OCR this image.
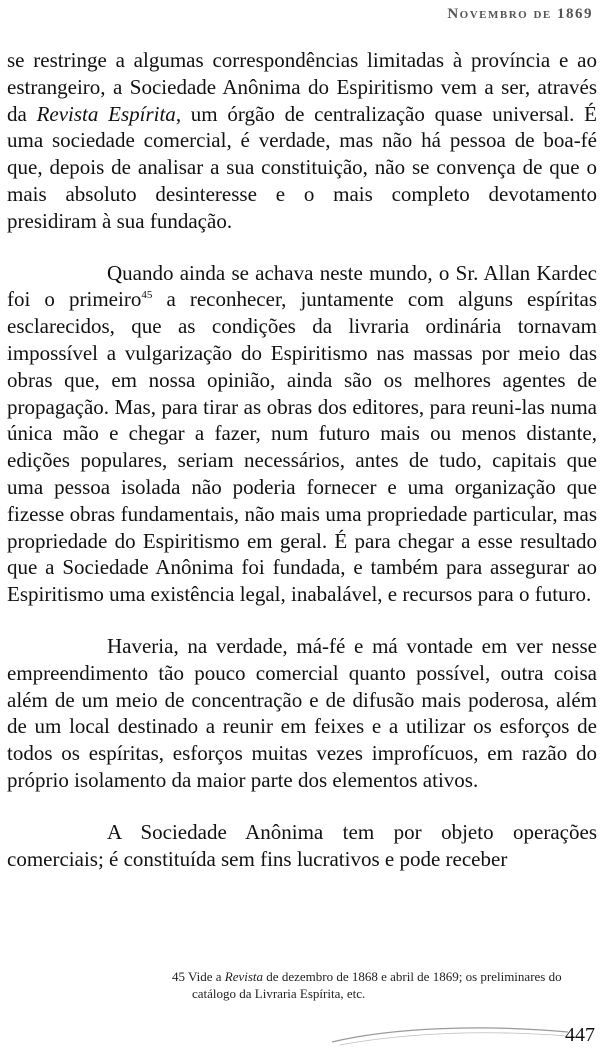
Novembro de 1869

se restringe a algumas correspondências limitadas à província e ao estrangeiro, a Sociedade Anônima do Espiritismo vem a ser, através da Revista Espírita, um órgão de centralização quase universal. É uma sociedade comercial, é verdade, mas não há pessoa de boa-fé que, depois de analisar a sua constituição, não se convença de que o mais absoluto desinteresse e o mais completo devotamento presidiram à sua fundação.

Quando ainda se achava neste mundo, o Sr. Allan Kardec foi o primeiro$^{45}$ a reconhecer, juntamente com alguns espíritas esclarecidos, que as condições da livraria ordinária tornavam impossível a vulgarização do Espiritismo nas massas por meio das obras que, em nossa opinião, ainda são os melhores agentes de propagação. Mas, para tirar as obras dos editores, para reuni-las numa única mão e chegar a fazer, num futuro mais ou menos distante, edições populares, seriam necessários, antes de tudo, capitais que uma pessoa isolada não poderia fornecer e uma organização que fizesse obras fundamentais, não mais uma propriedade particular, mas propriedade do Espiritismo em geral. É para chegar a esse resultado que a Sociedade Anônima foi fundada, e também para assegurar ao Espiritismo uma existência legal, inabalável, e recursos para o futuro.

Haveria, na verdade, má-fé e má vontade em ver nesse empreendimento tão pouco comercial quanto possível, outra coisa além de um meio de concentração e de difusão mais poderosa, além de um local destinado a reunir em feixes e a utilizar os esforços de todos os espíritas, esforços muitas vezes improfícuos, em razão do próprio isolamento da maior parte dos elementos ativos.

A Sociedade Anônima tem por objeto operações comerciais; é constituída sem fins lucrativos e pode receber

45 Vide a Revista de dezembro de 1868 e abril de 1869; os preliminares do catálogo da Livraria Espírita, etc.
447
